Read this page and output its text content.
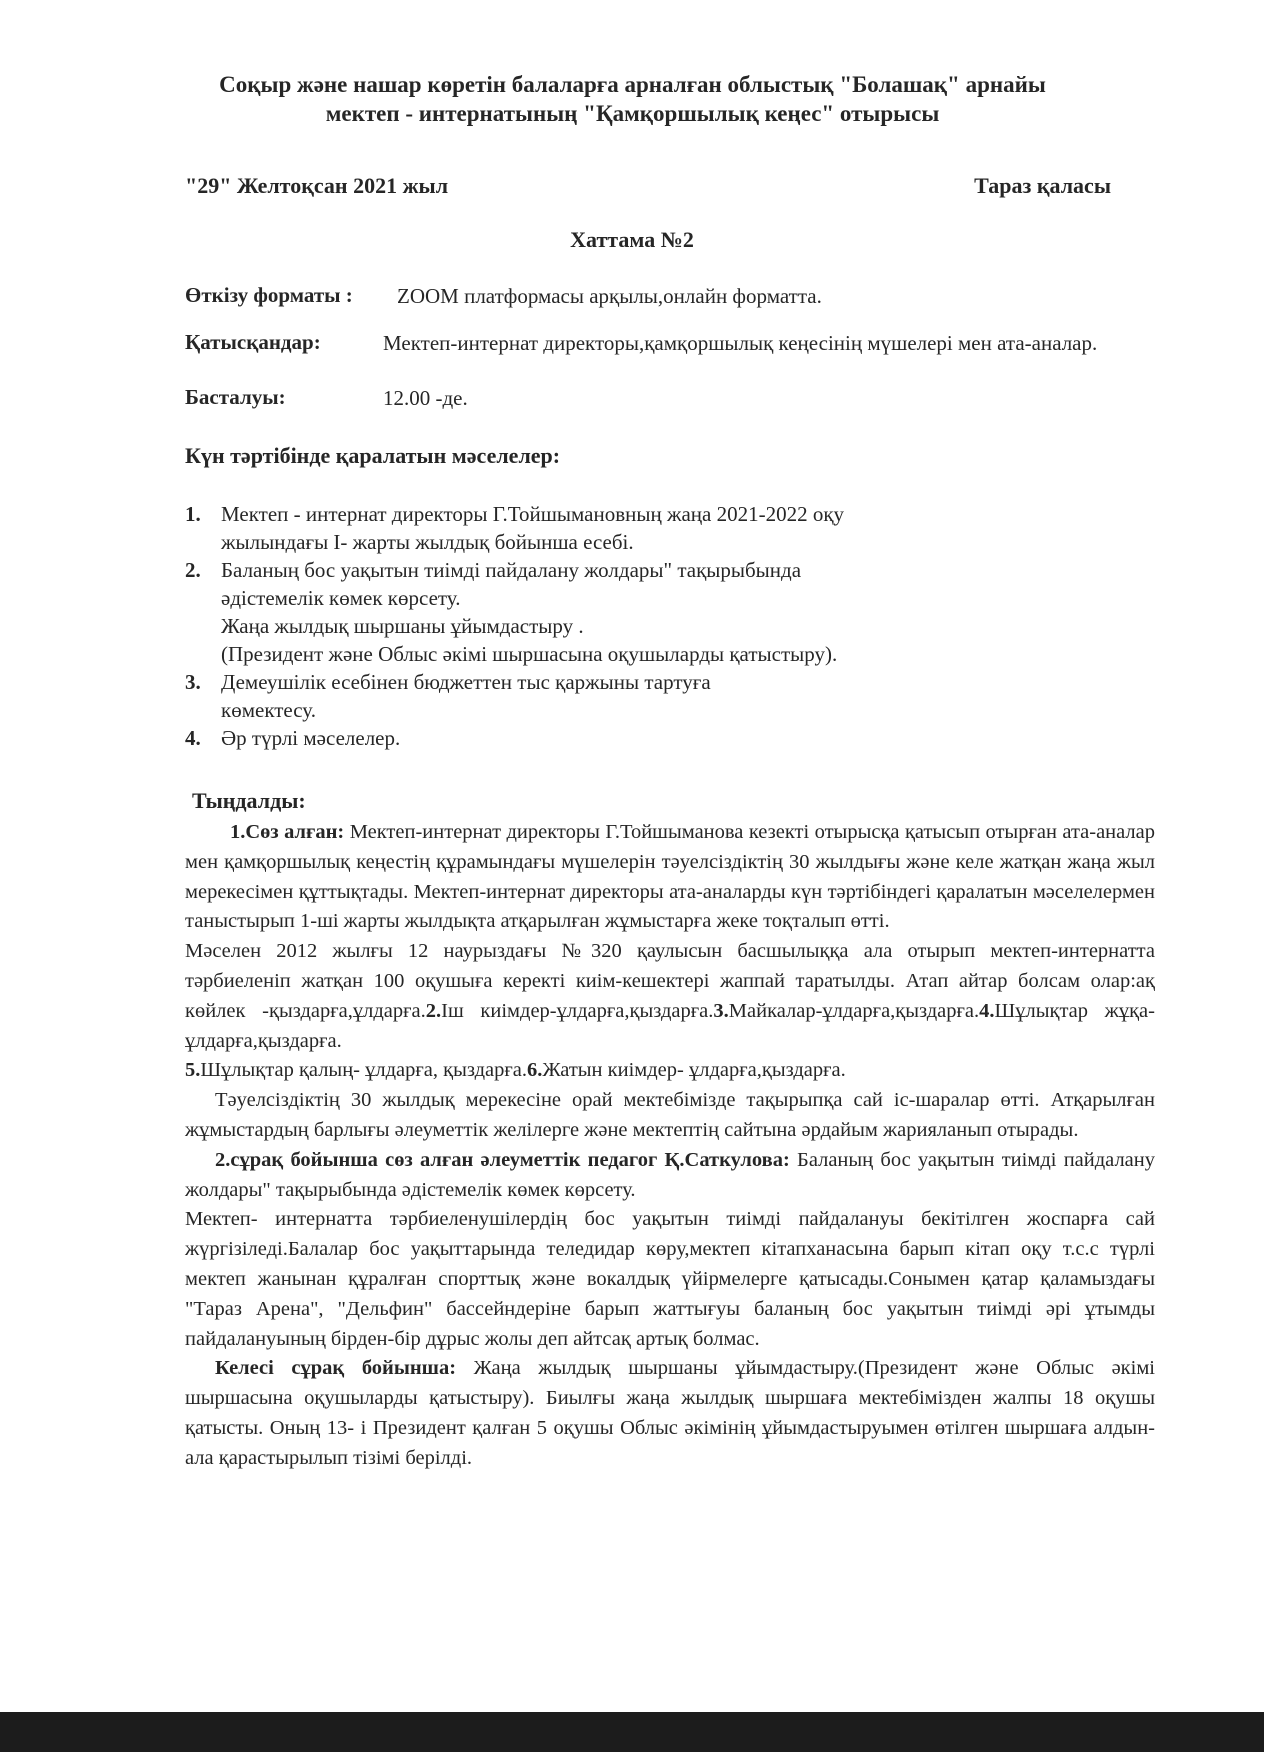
Соқыр және нашар көретін балаларға арналған облыстық "Болашақ" арнайы
мектеп - интернатының "Қамқоршылық кеңес" отырысы
"29" Желтоқсан 2021 жыл	Тараз қаласы
Хаттама №2
Өткізу форматы : ZOOM платформасы арқылы,онлайн форматта.
Қатысқандар:	Мектеп-интернат директоры,қамқоршылық кеңесінің мүшелері мен ата-аналар.
Басталуы:	12.00 -де.
Күн тәртібінде қаралатын мәселелер:
1. Мектеп - интернат директоры Г.Тойшымановның жаңа 2021-2022 оқу
жылындағы I- жарты жылдық бойынша есебі.
2. Баланың бос уақытын тиімді пайдалану жолдары" тақырыбында
әдістемелік көмек көрсету.
Жаңа жылдық шыршаны ұйымдастыру .
(Президент және Облыс әкімі шыршасына оқушыларды қатыстыру).
3. Демеушілік есебінен бюджеттен тыс қаржыны тартуға
көмектесу.
4. Әр түрлі мәселелер.
Тыңдалды:

1.Сөз алған: Мектеп-интернат директоры Г.Тойшыманова кезекті отырысқа қатысып отырған ата-аналар мен қамқоршылық кеңестің құрамындағы мүшелерін тәуелсіздіктің 30 жылдығы және келе жатқан жаңа жыл мерекесімен құттықтады. Мектеп-интернат директоры ата-аналарды күн тәртібіндегі қаралатын мәселелермен таныстырып 1-ші жарты жылдықта атқарылған жұмыстарға жеке тоқталып өтті.

Мәселен 2012 жылғы 12 наурыздағы №320 қаулысын басшылыққа ала отырып мектеп-интернатта тәрбиеленіп жатқан 100 оқушыға керекті киім-кешектері жаппай таратылды. Атап айтар болсам олар:ақ көйлек -қыздарға,ұлдарға.2.Іш киімдер-ұлдарға,қыздарға.3.Майкалар-ұлдарға,қыздарға.4.Шұлықтар жұқа- ұлдарға,қыздарға.
5.Шұлықтар қалың- ұлдарға, қыздарға.6.Жатын киімдер- ұлдарға,қыздарға.

Тәуелсіздіктің 30 жылдық мерекесіне орай мектебімізде тақырыпқа сай іс-шаралар өтті. Атқарылған жұмыстардың барлығы әлеуметтік желілерге және мектептің сайтына әрдайым жарияланып отырады.

2.сұрақ бойынша сөз алған әлеуметтік педагог Қ.Саткулова: Баланың бос уақытын тиімді пайдалану жолдары" тақырыбында әдістемелік көмек көрсету.

Мектеп- интернатта тәрбиеленушілердің бос уақытын тиімді пайдалануы бекітілген жоспарға сай жүргізіледі.Балалар бос уақыттарында теледидар көру,мектеп кітапханасына барып кітап оқу т.с.с түрлі мектеп жанынан құралған спорттық және вокалдық үйірмелерге қатысады.Сонымен қатар қаламыздағы "Тараз Арена", "Дельфин" бассейндеріне барып жаттығуы баланың бос уақытын тиімді әрі ұтымды пайдалануының бірден-бір дұрыс жолы деп айтсақ артық болмас.

Келесі сұрақ бойынша: Жаңа жылдық шыршаны ұйымдастыру.(Президент және Облыс әкімі шыршасына оқушыларды қатыстыру). Биылғы жаңа жылдық шыршаға мектебімізден жалпы 18 оқушы қатысты. Оның 13- і Президент қалған 5 оқушы Облыс әкімінің ұйымдастыруымен өтілген шыршаға алдын-ала қарастырылып тізімі берілді.
